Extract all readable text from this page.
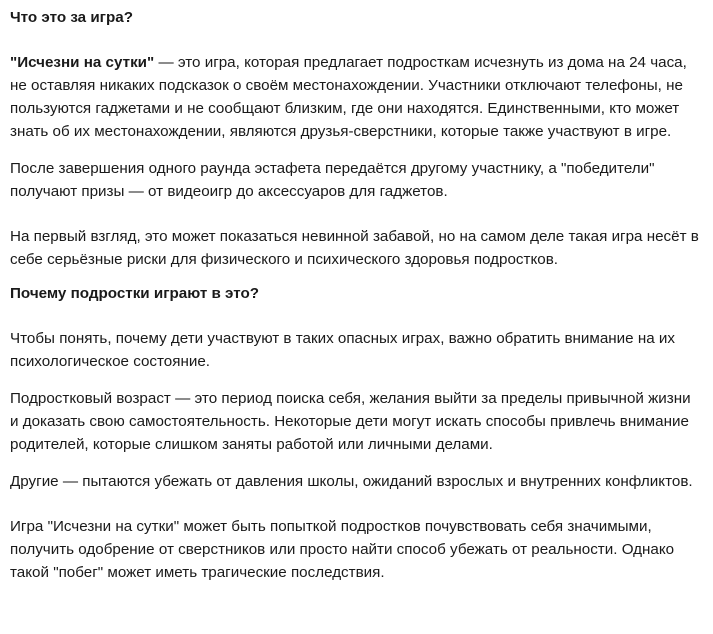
Что это за игра?

"Исчезни на сутки" — это игра, которая предлагает подросткам исчезнуть из дома на 24 часа, не оставляя никаких подсказок о своём местонахождении. Участники отключают телефоны, не пользуются гаджетами и не сообщают близким, где они находятся. Единственными, кто может знать об их местонахождении, являются друзья-сверстники, которые также участвуют в игре.

После завершения одного раунда эстафета передаётся другому участнику, а "победители" получают призы — от видеоигр до аксессуаров для гаджетов.

На первый взгляд, это может показаться невинной забавой, но на самом деле такая игра несёт в себе серьёзные риски для физического и психического здоровья подростков.

Почему подростки играют в это?

Чтобы понять, почему дети участвуют в таких опасных играх, важно обратить внимание на их психологическое состояние.

Подростковый возраст — это период поиска себя, желания выйти за пределы привычной жизни и доказать свою самостоятельность. Некоторые дети могут искать способы привлечь внимание родителей, которые слишком заняты работой или личными делами.

Другие — пытаются убежать от давления школы, ожиданий взрослых и внутренних конфликтов.

Игра "Исчезни на сутки" может быть попыткой подростков почувствовать себя значимыми, получить одобрение от сверстников или просто найти способ убежать от реальности. Однако такой "побег" может иметь трагические последствия.
